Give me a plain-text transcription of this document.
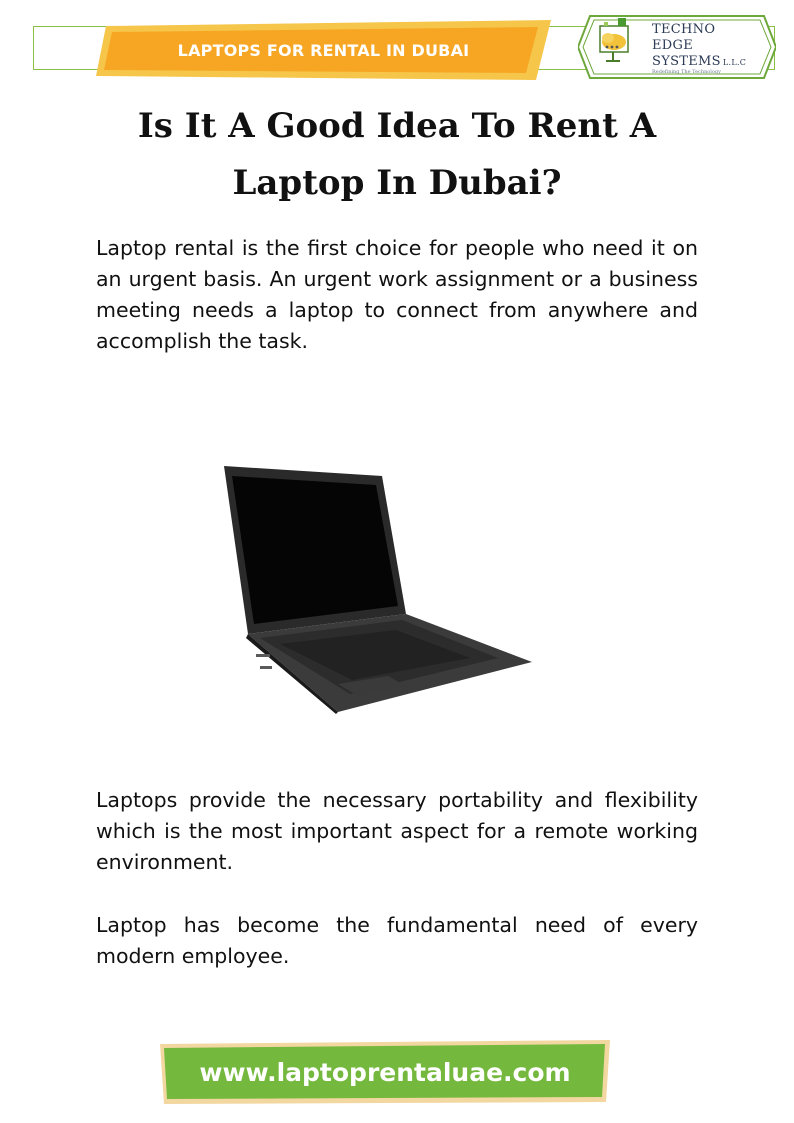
LAPTOPS FOR RENTAL IN DUBAI
TECHNO
EDGE
SYSTEMS L.L.C
Redefining The Technology
Is It A Good Idea To Rent A
Laptop In Dubai?

Laptop rental is the first choice for people who need it on an urgent basis. An urgent work assignment or a business meeting needs a laptop to connect from anywhere and accomplish the task.

Laptops provide the necessary portability and flexibility which is the most important aspect for a remote working environment.

Laptop has become the fundamental need of every modern employee.

www.laptoprentaluae.com
